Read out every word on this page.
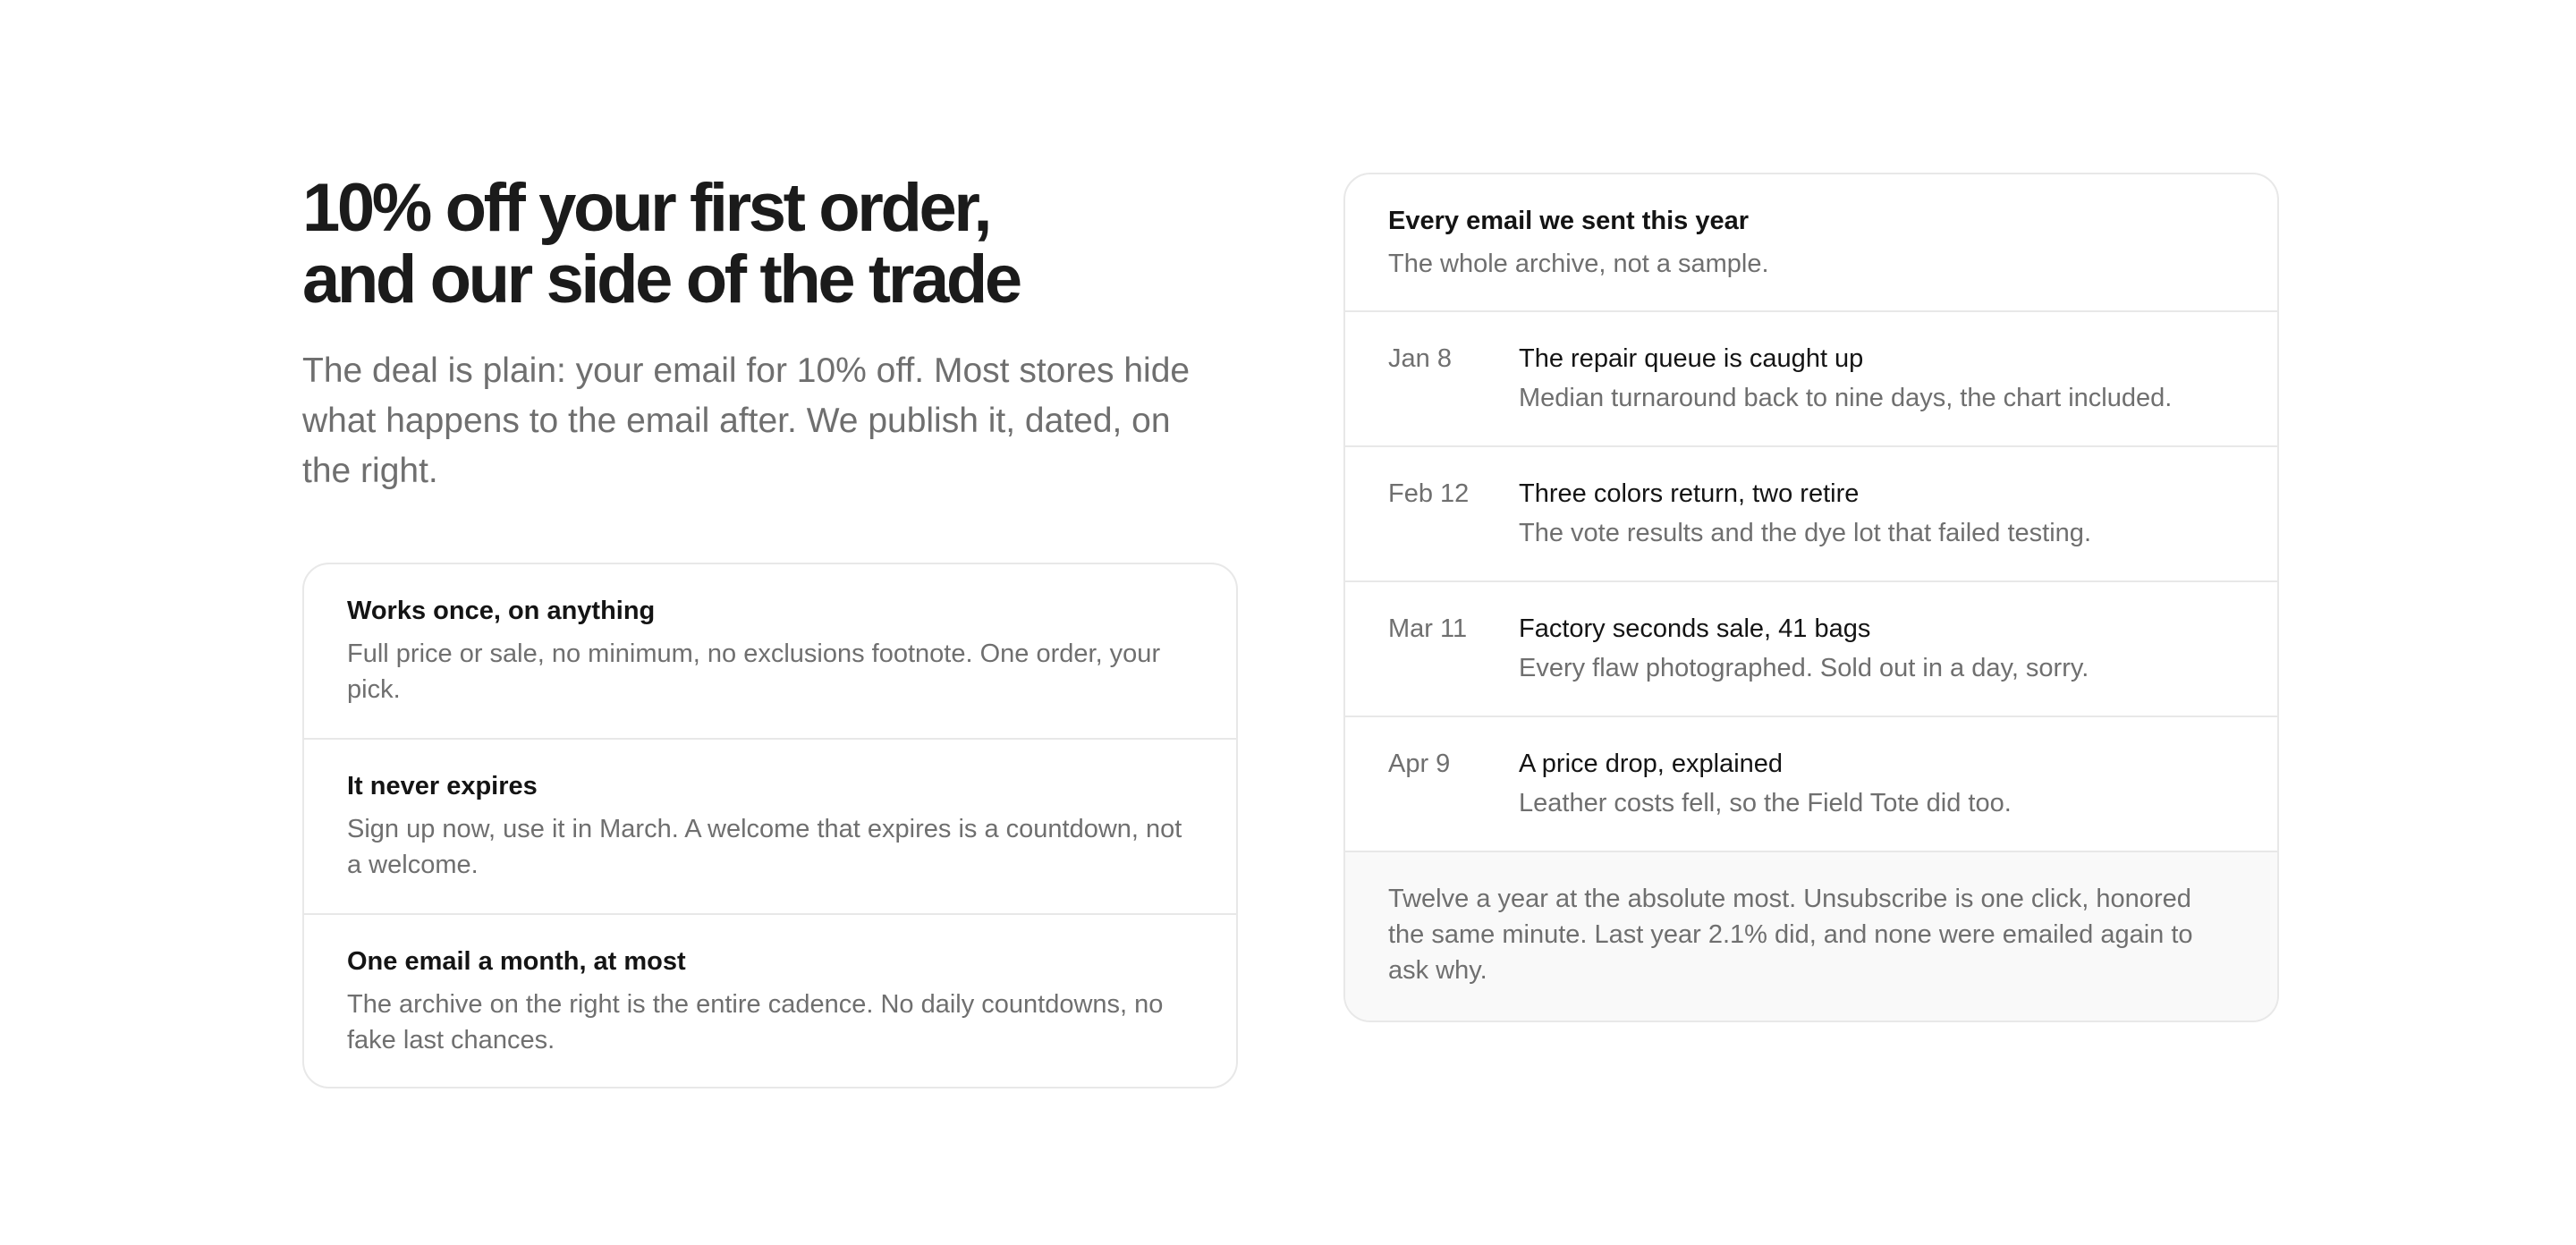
10% off your first order,
and our side of the trade

The deal is plain: your email for 10% off. Most stores hide what happens to the email after. We publish it, dated, on the right.

Works once, on anything
Full price or sale, no minimum, no exclusions footnote. One order, your pick.
It never expires
Sign up now, use it in March. A welcome that expires is a countdown, not a welcome.
One email a month, at most
The archive on the right is the entire cadence. No daily countdowns, no fake last chances.
Every email we sent this year
The whole archive, not a sample.
Jan 8	The repair queue is caught up
Median turnaround back to nine days, the chart included.
Feb 12	Three colors return, two retire
The vote results and the dye lot that failed testing.
Mar 11	Factory seconds sale, 41 bags
Every flaw photographed. Sold out in a day, sorry.
Apr 9	A price drop, explained
Leather costs fell, so the Field Tote did too.
Twelve a year at the absolute most. Unsubscribe is one click, honored the same minute. Last year 2.1% did, and none were emailed again to ask why.
